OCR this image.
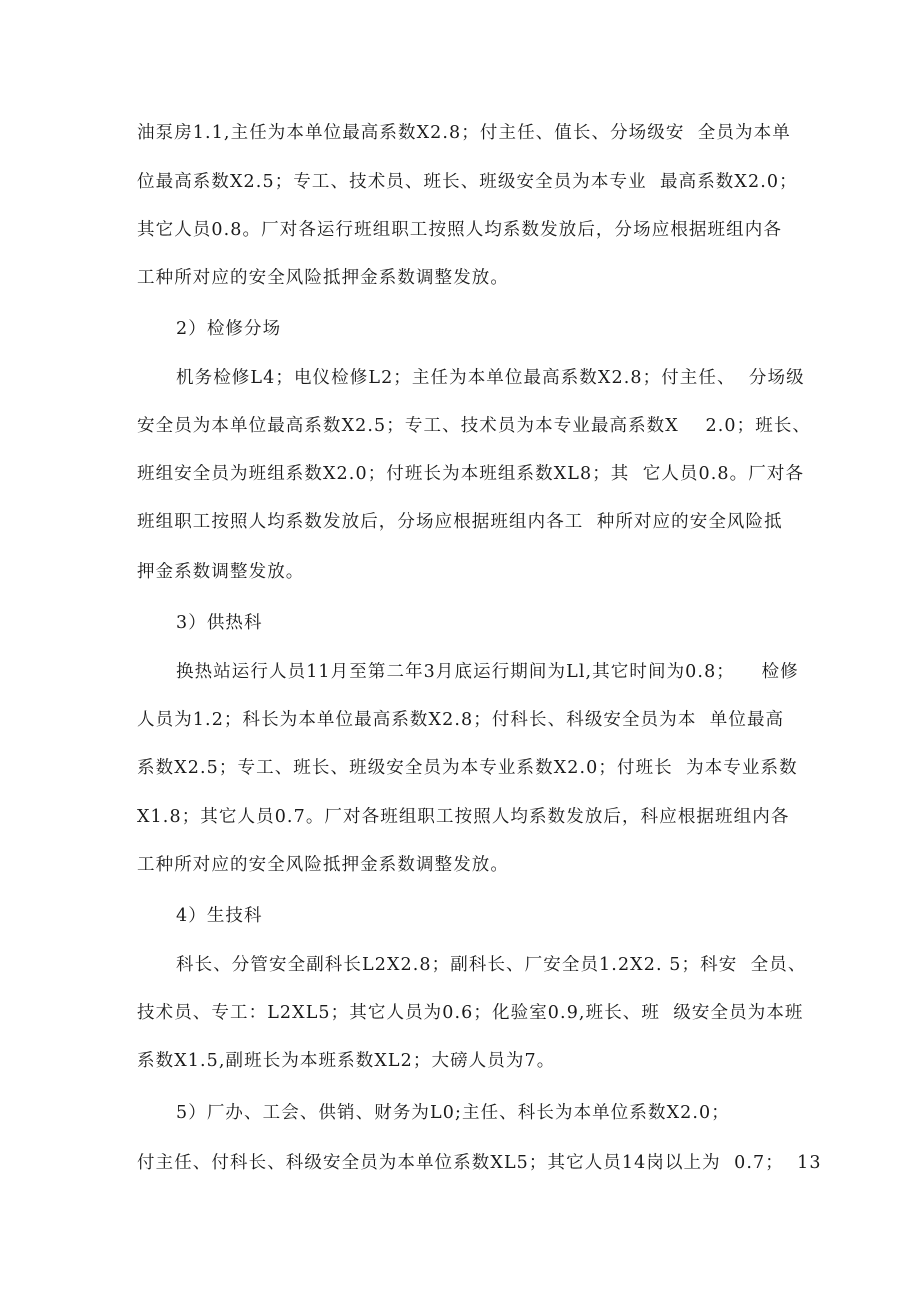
油泵房1.1,主任为本单位最高系数X2.8；付主任、值长、分场级安  全员为本单
位最高系数X2.5；专工、技术员、班长、班级安全员为本专业  最高系数X2.0；
其它人员0.8。厂对各运行班组职工按照人均系数发放后，分场应根据班组内各
工种所对应的安全风险抵押金系数调整发放。
2）检修分场
机务检修L4；电仪检修L2；主任为本单位最高系数X2.8；付主任、  分场级
安全员为本单位最高系数X2.5；专工、技术员为本专业最高系数X    2.0；班长、
班组安全员为班组系数X2.0；付班长为本班组系数XL8；其  它人员0.8。厂对各
班组职工按照人均系数发放后，分场应根据班组内各工  种所对应的安全风险抵
押金系数调整发放。
3）供热科
换热站运行人员11月至第二年3月底运行期间为Ll,其它时间为0.8；    检修
人员为1.2；科长为本单位最高系数X2.8；付科长、科级安全员为本  单位最高
系数X2.5；专工、班长、班级安全员为本专业系数X2.0；付班长  为本专业系数
X1.8；其它人员0.7。厂对各班组职工按照人均系数发放后，科应根据班组内各
工种所对应的安全风险抵押金系数调整发放。
4）生技科
科长、分管安全副科长L2X2.8；副科长、厂安全员1.2X2. 5；科安  全员、
技术员、专工：L2XL5；其它人员为0.6；化验室0.9,班长、班  级安全员为本班
系数X1.5,副班长为本班系数XL2；大磅人员为7。
5）厂办、工会、供销、财务为L0;主任、科长为本单位系数X2.0；
付主任、付科长、科级安全员为本单位系数XL5；其它人员14岗以上为  0.7；  13
